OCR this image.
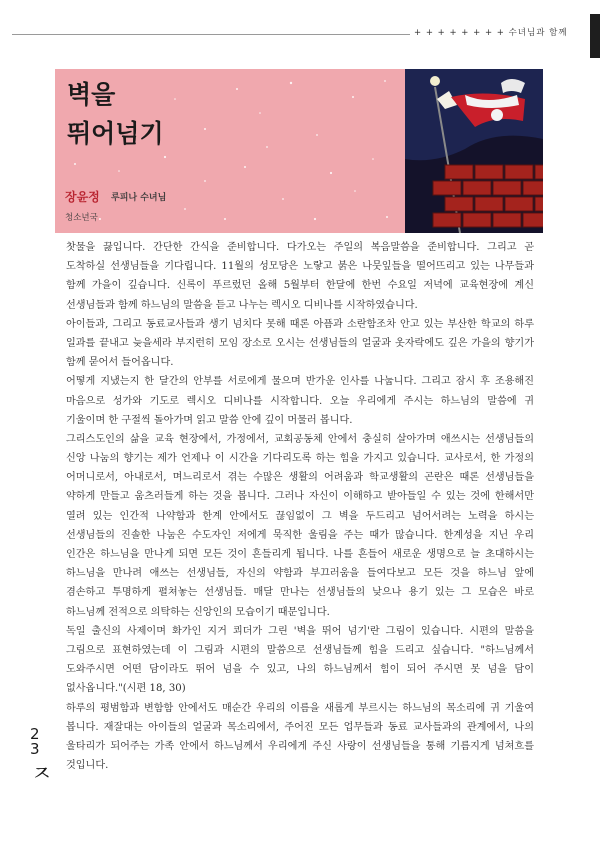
+ + + + + + + + 수녀님과 함께
벽을
뛰어넘기
장윤정 루피나 수녀님
청소년국
찻물을 끓입니다. 간단한 간식을 준비합니다. 다가오는 주일의 복음말씀을 준비합니다. 그리고 곧
도착하실 선생님들을 기다립니다. 11월의 성모당은 노랗고 붉은 나뭇잎들을 떨어뜨리고 있는 나무들과
함께 가을이 깊습니다. 신록이 푸르렀던 올해 5월부터 한달에 한번 수요일 저녁에 교육현장에 계신
선생님들과 함께 하느님의 말씀을 듣고 나누는 렉시오 디비나를 시작하였습니다.
아이들과, 그리고 동료교사들과 생기 넘치다 못해 때론 아픔과 소란함조차 안고 있는 부산한 학교의 하루
일과를 끝내고 늦을세라 부지런히 모임 장소로 오시는 선생님들의 얼굴과 옷자락에도 깊은 가을의 향기가
함께 묻어서 들어옵니다.
어떻게 지냈는지 한 달간의 안부를 서로에게 물으며 반가운 인사를 나눕니다. 그리고 잠시 후 조용해진
마음으로 성가와 기도로 렉시오 디비나를 시작합니다. 오늘 우리에게 주시는 하느님의 말씀에 귀
기울이며 한 구절씩 돌아가며 읽고 말씀 안에 깊이 머물러 봅니다.
그리스도인의 삶을 교육 현장에서, 가정에서, 교회공동체 안에서 충실히 살아가며 애쓰시는 선생님들의
신앙 나눔의 향기는 제가 언제나 이 시간을 기다리도록 하는 힘을 가지고 있습니다. 교사로서, 한 가정의
어머니로서, 아내로서, 며느리로서 겪는 수많은 생활의 어려움과 학교생활의 곤란은 때론 선생님들을
약하게 만들고 움츠러들게 하는 것을 봅니다. 그러나 자신이 이해하고 받아들일 수 있는 것에 한해서만
열려 있는 인간적 나약함과 한계 안에서도 끊임없이 그 벽을 두드리고 넘어서려는 노력을 하시는
선생님들의 진솔한 나눔은 수도자인 저에게 묵직한 울림을 주는 때가 많습니다. 한계성을 지닌 우리
인간은 하느님을 만나게 되면 모든 것이 흔들리게 됩니다. 나를 흔들어 새로운 생명으로 늘 초대하시는
하느님을 만나려 애쓰는 선생님들, 자신의 약함과 부끄러움을 들여다보고 모든 것을 하느님 앞에
겸손하고 투명하게 펼쳐놓는 선생님들. 매달 만나는 선생님들의 낮으나 용기 있는 그 모습은 바로
하느님께 전적으로 의탁하는 신앙인의 모습이기 때문입니다.
독일 출신의 사제이며 화가인 지거 쾨더가 그린 '벽을 뛰어 넘기'란 그림이 있습니다. 시편의 말씀을
그림으로 표현하였는데 이 그림과 시편의 말씀으로 선생님들께 힘을 드리고 싶습니다. "하느님께서
도와주시면 어떤 담이라도 뛰어 넘을 수 있고, 나의 하느님께서 힘이 되어 주시면 못 넘을 담이
없사옵니다."(시편 18, 30)
하루의 평범함과 변함함 안에서도 매순간 우리의 이름을 새롭게 부르시는 하느님의 목소리에 귀 기울여
봅니다. 재잘대는 아이들의 얼굴과 목소리에서, 주어진 모든 업무들과 동료 교사들과의 관계에서, 나의
울타리가 되어주는 가족 안에서 하느님께서 우리에게 주신 사랑이 선생님들을 통해 기름지게 넘쳐흐를
것입니다.
2
3
ㅈ
